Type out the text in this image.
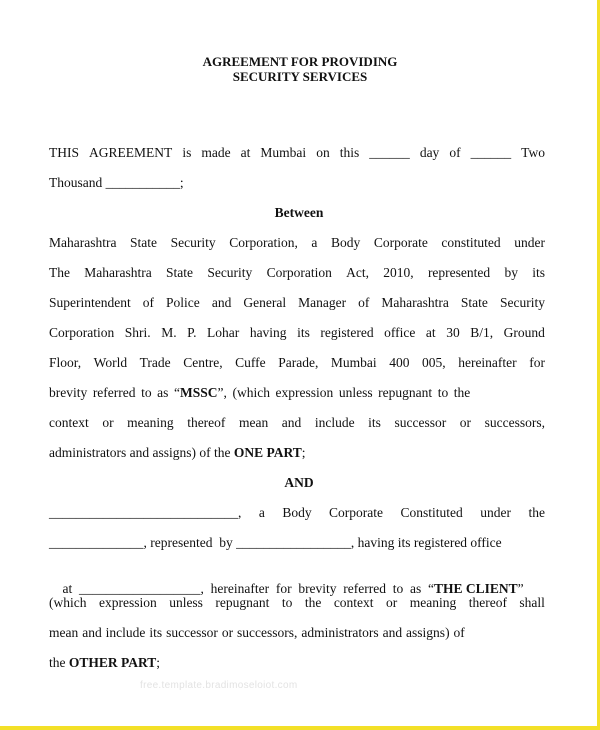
AGREEMENT FOR PROVIDING
SECURITY SERVICES
THIS AGREEMENT is made at Mumbai on this ______ day of ______ Two
Thousand ___________;
Between
Maharashtra State Security Corporation, a Body Corporate constituted under
The Maharashtra State Security Corporation Act, 2010, represented by its
Superintendent of Police and General Manager of Maharashtra State Security
Corporation Shri. M. P. Lohar having its registered office at 30 B/1, Ground
Floor, World Trade Centre, Cuffe Parade, Mumbai 400 005, hereinafter for
brevity referred to as “MSSC”, (which expression unless repugnant to the
context or meaning thereof mean and include its successor or successors,
administrators and assigns) of the ONE PART;
AND
____________________________, a Body Corporate Constituted under the
______________, represented  by _________________, having its registered office

at  __________________,  hereinafter  for  brevity  referred  to  as  “THE CLIENT”

(which expression unless repugnant to the context or meaning thereof shall
mean and include its successor or successors, administrators and assigns) of
the OTHER PART;
free.template.bradimoseloiot.com
